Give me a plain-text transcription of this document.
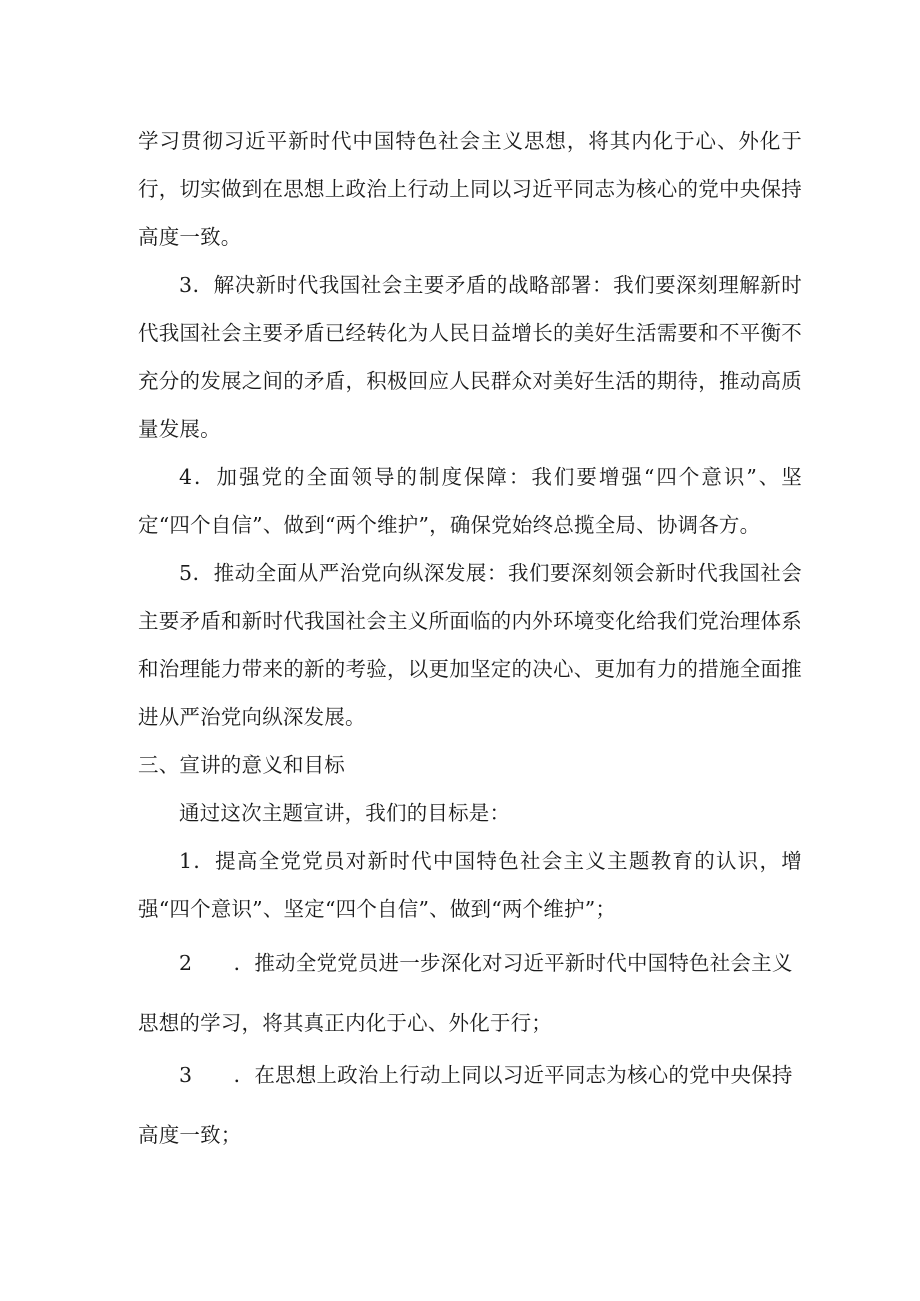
学习贯彻习近平新时代中国特色社会主义思想，将其内化于心、外化于行，切实做到在思想上政治上行动上同以习近平同志为核心的党中央保持高度一致。

3．解决新时代我国社会主要矛盾的战略部署：我们要深刻理解新时代我国社会主要矛盾已经转化为人民日益增长的美好生活需要和不平衡不充分的发展之间的矛盾，积极回应人民群众对美好生活的期待，推动高质量发展。

4．加强党的全面领导的制度保障：我们要增强“四个意识”、坚定“四个自信”、做到“两个维护”，确保党始终总揽全局、协调各方。

5．推动全面从严治党向纵深发展：我们要深刻领会新时代我国社会主要矛盾和新时代我国社会主义所面临的内外环境变化给我们党治理体系和治理能力带来的新的考验，以更加坚定的决心、更加有力的措施全面推进从严治党向纵深发展。

三、宣讲的意义和目标

通过这次主题宣讲，我们的目标是：

1．提高全党党员对新时代中国特色社会主义主题教育的认识，增强“四个意识”、坚定“四个自信”、做到“两个维护”；

2　　．推动全党党员进一步深化对习近平新时代中国特色社会主义

思想的学习，将其真正内化于心、外化于行；

3　　．在思想上政治上行动上同以习近平同志为核心的党中央保持

高度一致；
